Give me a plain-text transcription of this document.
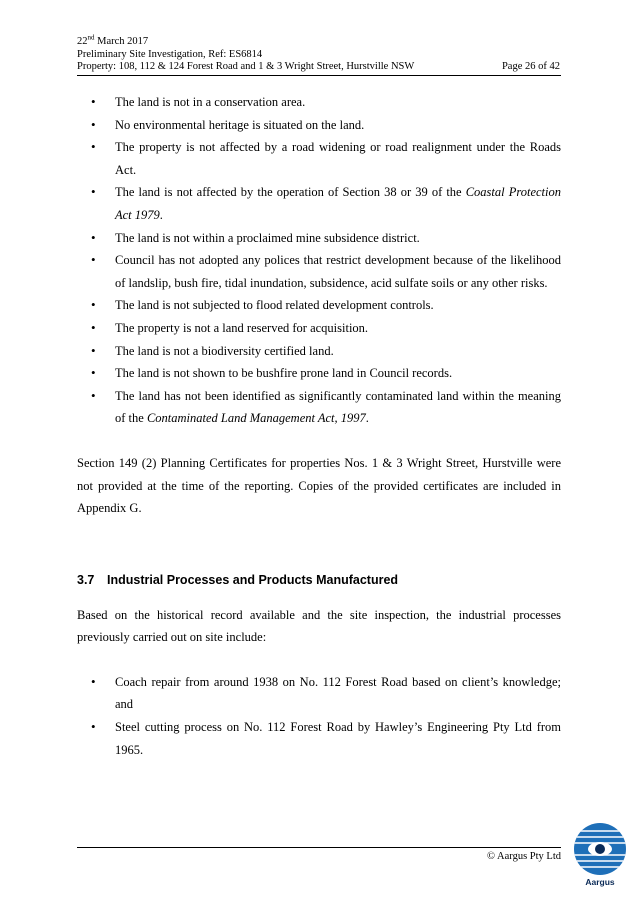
22nd March 2017
Preliminary Site Investigation, Ref: ES6814
Property: 108, 112 & 124 Forest Road and 1 & 3 Wright Street, Hurstville NSW	Page 26 of 42
• The land is not in a conservation area.
• No environmental heritage is situated on the land.
• The property is not affected by a road widening or road realignment under the Roads Act.
• The land is not affected by the operation of Section 38 or 39 of the Coastal Protection Act 1979.
• The land is not within a proclaimed mine subsidence district.
• Council has not adopted any polices that restrict development because of the likelihood of landslip, bush fire, tidal inundation, subsidence, acid sulfate soils or any other risks.
• The land is not subjected to flood related development controls.
• The property is not a land reserved for acquisition.
• The land is not a biodiversity certified land.
• The land is not shown to be bushfire prone land in Council records.
• The land has not been identified as significantly contaminated land within the meaning of the Contaminated Land Management Act, 1997.

Section 149 (2) Planning Certificates for properties Nos. 1 & 3 Wright Street, Hurstville were not provided at the time of the reporting. Copies of the provided certificates are included in Appendix G.

3.7	Industrial Processes and Products Manufactured

Based on the historical record available and the site inspection, the industrial processes previously carried out on site include:

• Coach repair from around 1938 on No. 112 Forest Road based on client’s knowledge; and
• Steel cutting process on No. 112 Forest Road by Hawley’s Engineering Pty Ltd from 1965.
© Aargus Pty Ltd
Aargus
